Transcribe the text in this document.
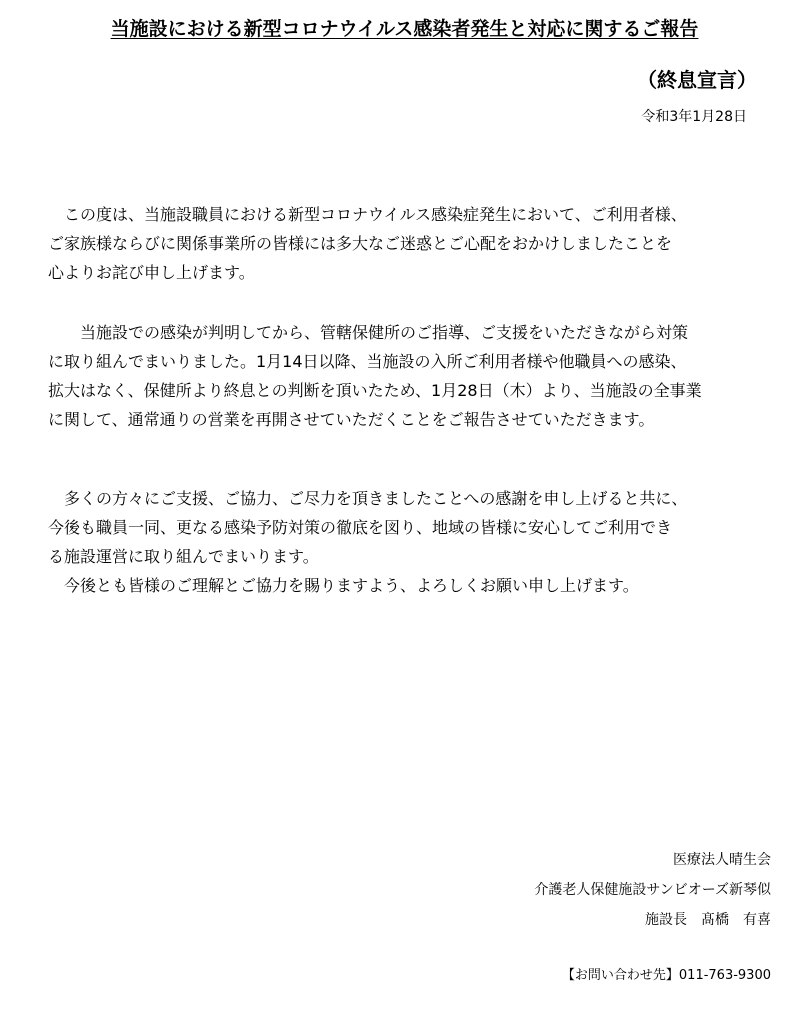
当施設における新型コロナウイルス感染者発生と対応に関するご報告
（終息宣言）
令和3年1月28日
　この度は、当施設職員における新型コロナウイルス感染症発生において、ご利用者様、
ご家族様ならびに関係事業所の皆様には多大なご迷惑とご心配をおかけしましたことを
心よりお詫び申し上げます。
　　当施設での感染が判明してから、管轄保健所のご指導、ご支援をいただきながら対策
に取り組んでまいりました。1月14日以降、当施設の入所ご利用者様や他職員への感染、
拡大はなく、保健所より終息との判断を頂いたため、1月28日（木）より、当施設の全事業
に関して、通常通りの営業を再開させていただくことをご報告させていただきます。
　多くの方々にご支援、ご協力、ご尽力を頂きましたことへの感謝を申し上げると共に、
今後も職員一同、更なる感染予防対策の徹底を図り、地域の皆様に安心してご利用でき
る施設運営に取り組んでまいります。
　今後とも皆様のご理解とご協力を賜りますよう、よろしくお願い申し上げます。
医療法人晴生会
介護老人保健施設サンビオーズ新琴似
施設長　髙橋　有喜
【お問い合わせ先】011-763-9300
